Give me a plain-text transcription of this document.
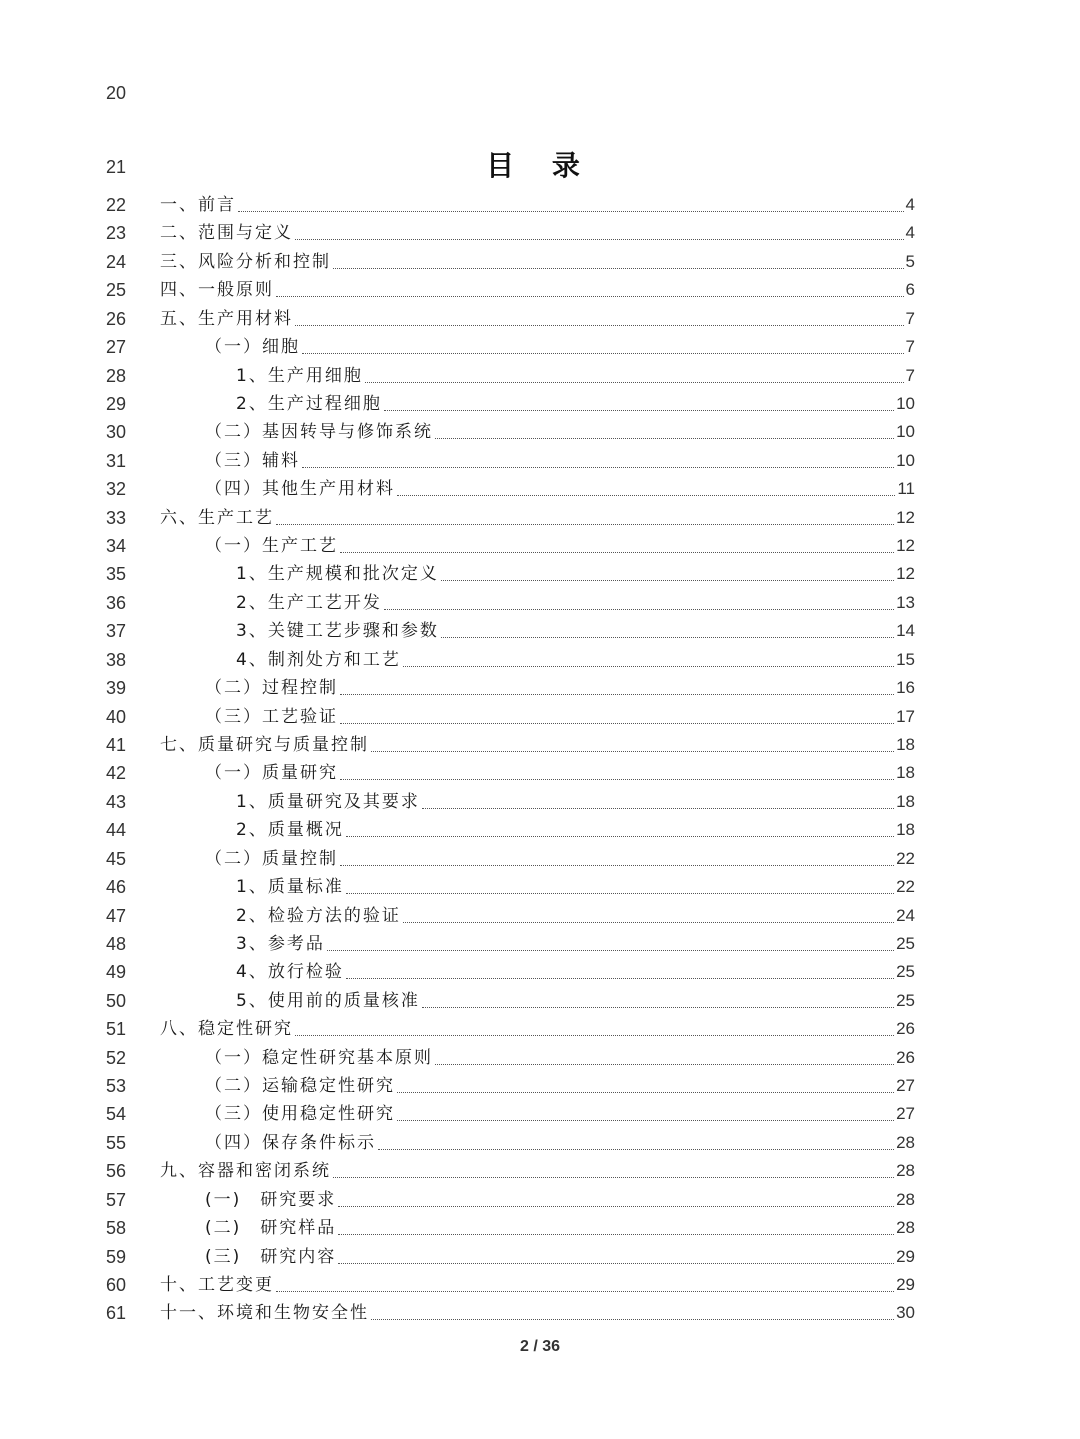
20
21	目 录
22	一、前言	4
23	二、范围与定义	4
24	三、风险分析和控制	5
25	四、一般原则	6
26	五、生产用材料	7
27	（一）细胞	7
28	1、生产用细胞	7
29	2、生产过程细胞	10
30	（二）基因转导与修饰系统	10
31	（三）辅料	10
32	（四）其他生产用材料	11
33	六、生产工艺	12
34	（一）生产工艺	12
35	1、生产规模和批次定义	12
36	2、生产工艺开发	13
37	3、关键工艺步骤和参数	14
38	4、制剂处方和工艺	15
39	（二）过程控制	16
40	（三）工艺验证	17
41	七、质量研究与质量控制	18
42	（一）质量研究	18
43	1、质量研究及其要求	18
44	2、质量概况	18
45	（二）质量控制	22
46	1、质量标准	22
47	2、检验方法的验证	24
48	3、参考品	25
49	4、放行检验	25
50	5、使用前的质量核准	25
51	八、稳定性研究	26
52	（一）稳定性研究基本原则	26
53	（二）运输稳定性研究	27
54	（三）使用稳定性研究	27
55	（四）保存条件标示	28
56	九、容器和密闭系统	28
57	(一)　研究要求	28
58	(二)　研究样品	28
59	(三)　研究内容	29
60	十、工艺变更	29
61	十一、环境和生物安全性	30
2 / 36
